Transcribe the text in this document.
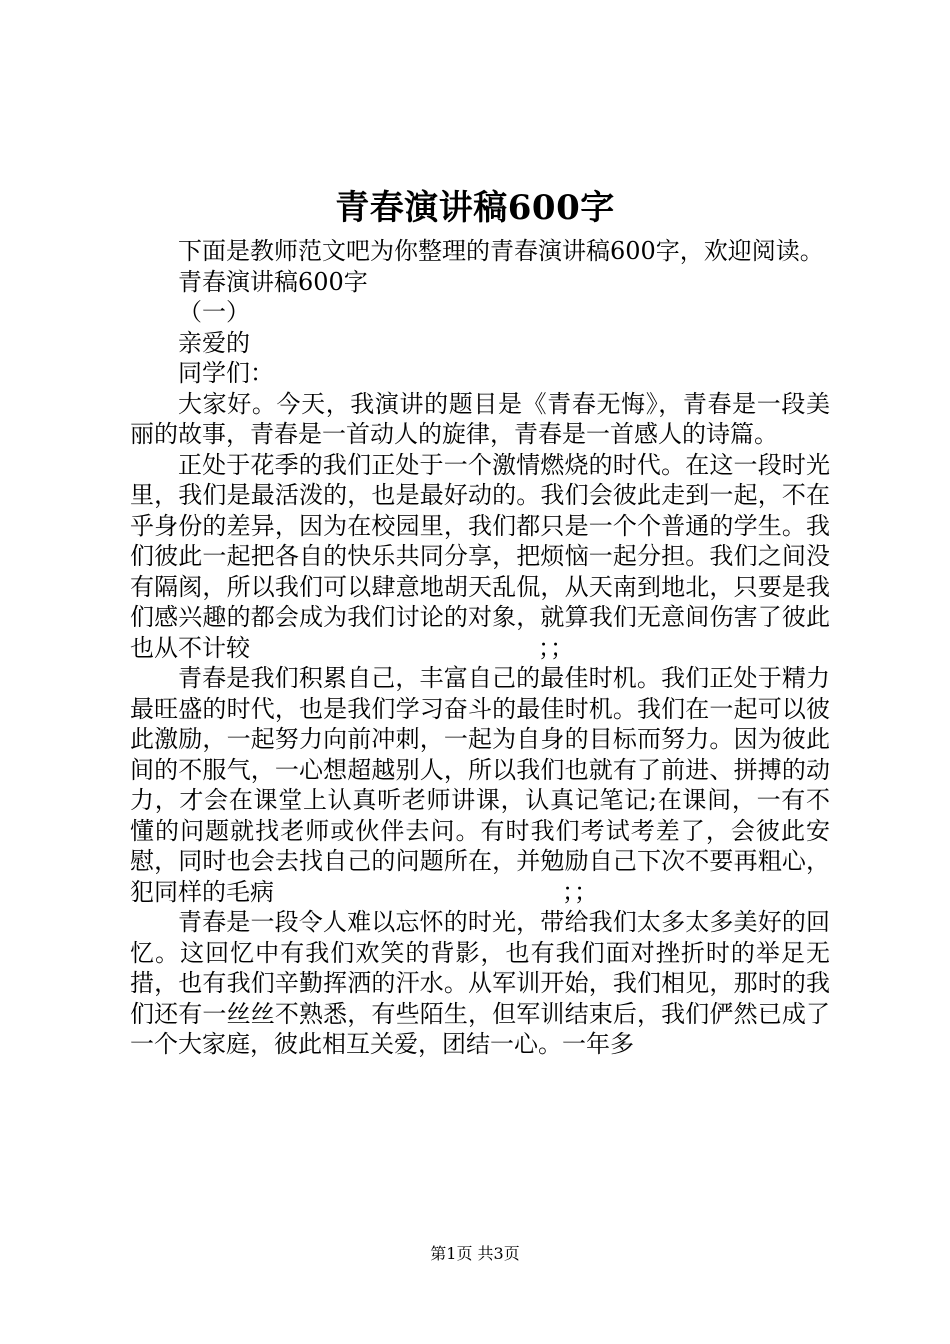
青春演讲稿600字

下面是教师范文吧为你整理的青春演讲稿600字，欢迎阅读。

青春演讲稿600字

（一）

亲爱的

同学们：

大家好。今天，我演讲的题目是《青春无悔》，青春是一段美丽的故事，青春是一首动人的旋律，青春是一首感人的诗篇。

正处于花季的我们正处于一个激情燃烧的时代。在这一段时光里，我们是最活泼的，也是最好动的。我们会彼此走到一起，不在乎身份的差异，因为在校园里，我们都只是一个个普通的学生。我们彼此一起把各自的快乐共同分享，把烦恼一起分担。我们之间没有隔阂，所以我们可以肆意地胡天乱侃，从天南到地北，只要是我们感兴趣的都会成为我们讨论的对象，就算我们无意间伤害了彼此也从不计较　　　　　　　　　　　　；；

青春是我们积累自己，丰富自己的最佳时机。我们正处于精力最旺盛的时代，也是我们学习奋斗的最佳时机。我们在一起可以彼此激励，一起努力向前冲刺，一起为自身的目标而努力。因为彼此间的不服气，一心想超越别人，所以我们也就有了前进、拼搏的动力，才会在课堂上认真听老师讲课，认真记笔记;在课间，一有不懂的问题就找老师或伙伴去问。有时我们考试考差了，会彼此安慰，同时也会去找自己的问题所在，并勉励自己下次不要再粗心，犯同样的毛病　　　　　　　　　　　　；；

青春是一段令人难以忘怀的时光，带给我们太多太多美好的回忆。这回忆中有我们欢笑的背影，也有我们面对挫折时的举足无措，也有我们辛勤挥洒的汗水。从军训开始，我们相见，那时的我们还有一丝丝不熟悉，有些陌生，但军训结束后，我们俨然已成了一个大家庭，彼此相互关爱，团结一心。一年多

第1页 共3页
